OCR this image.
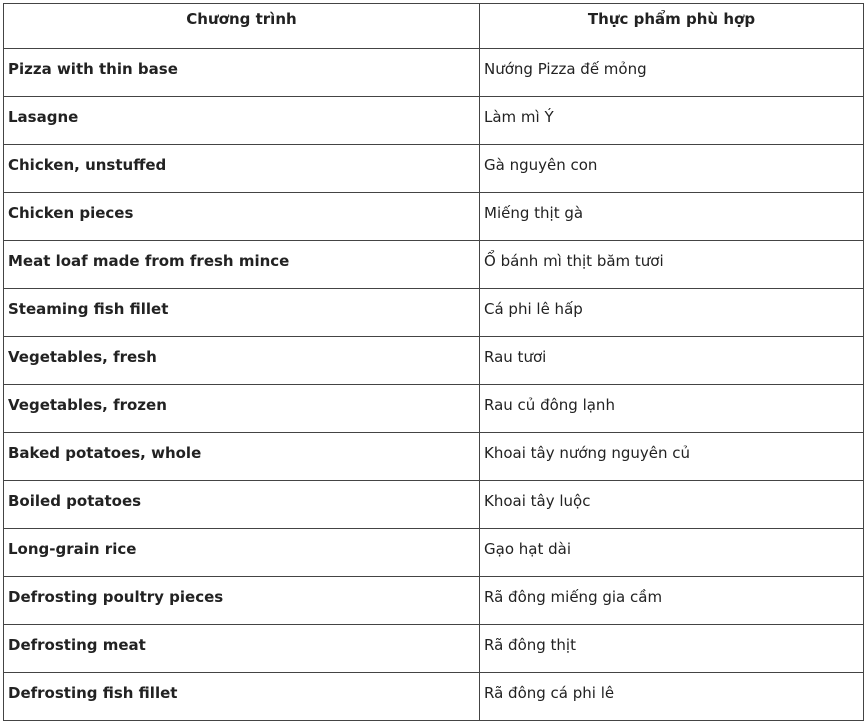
Chương trình	Thực phẩm phù hợp
Pizza with thin base	Nướng Pizza đế mỏng
Lasagne	Làm mì Ý
Chicken, unstuffed	Gà nguyên con
Chicken pieces	Miếng thịt gà
Meat loaf made from fresh mince	Ổ bánh mì thịt băm tươi
Steaming fish fillet	Cá phi lê hấp
Vegetables, fresh	Rau tươi
Vegetables, frozen	Rau củ đông lạnh
Baked potatoes, whole	Khoai tây nướng nguyên củ
Boiled potatoes	Khoai tây luộc
Long-grain rice	Gạo hạt dài
Defrosting poultry pieces	Rã đông miếng gia cầm
Defrosting meat	Rã đông thịt
Defrosting fish fillet	Rã đông cá phi lê
